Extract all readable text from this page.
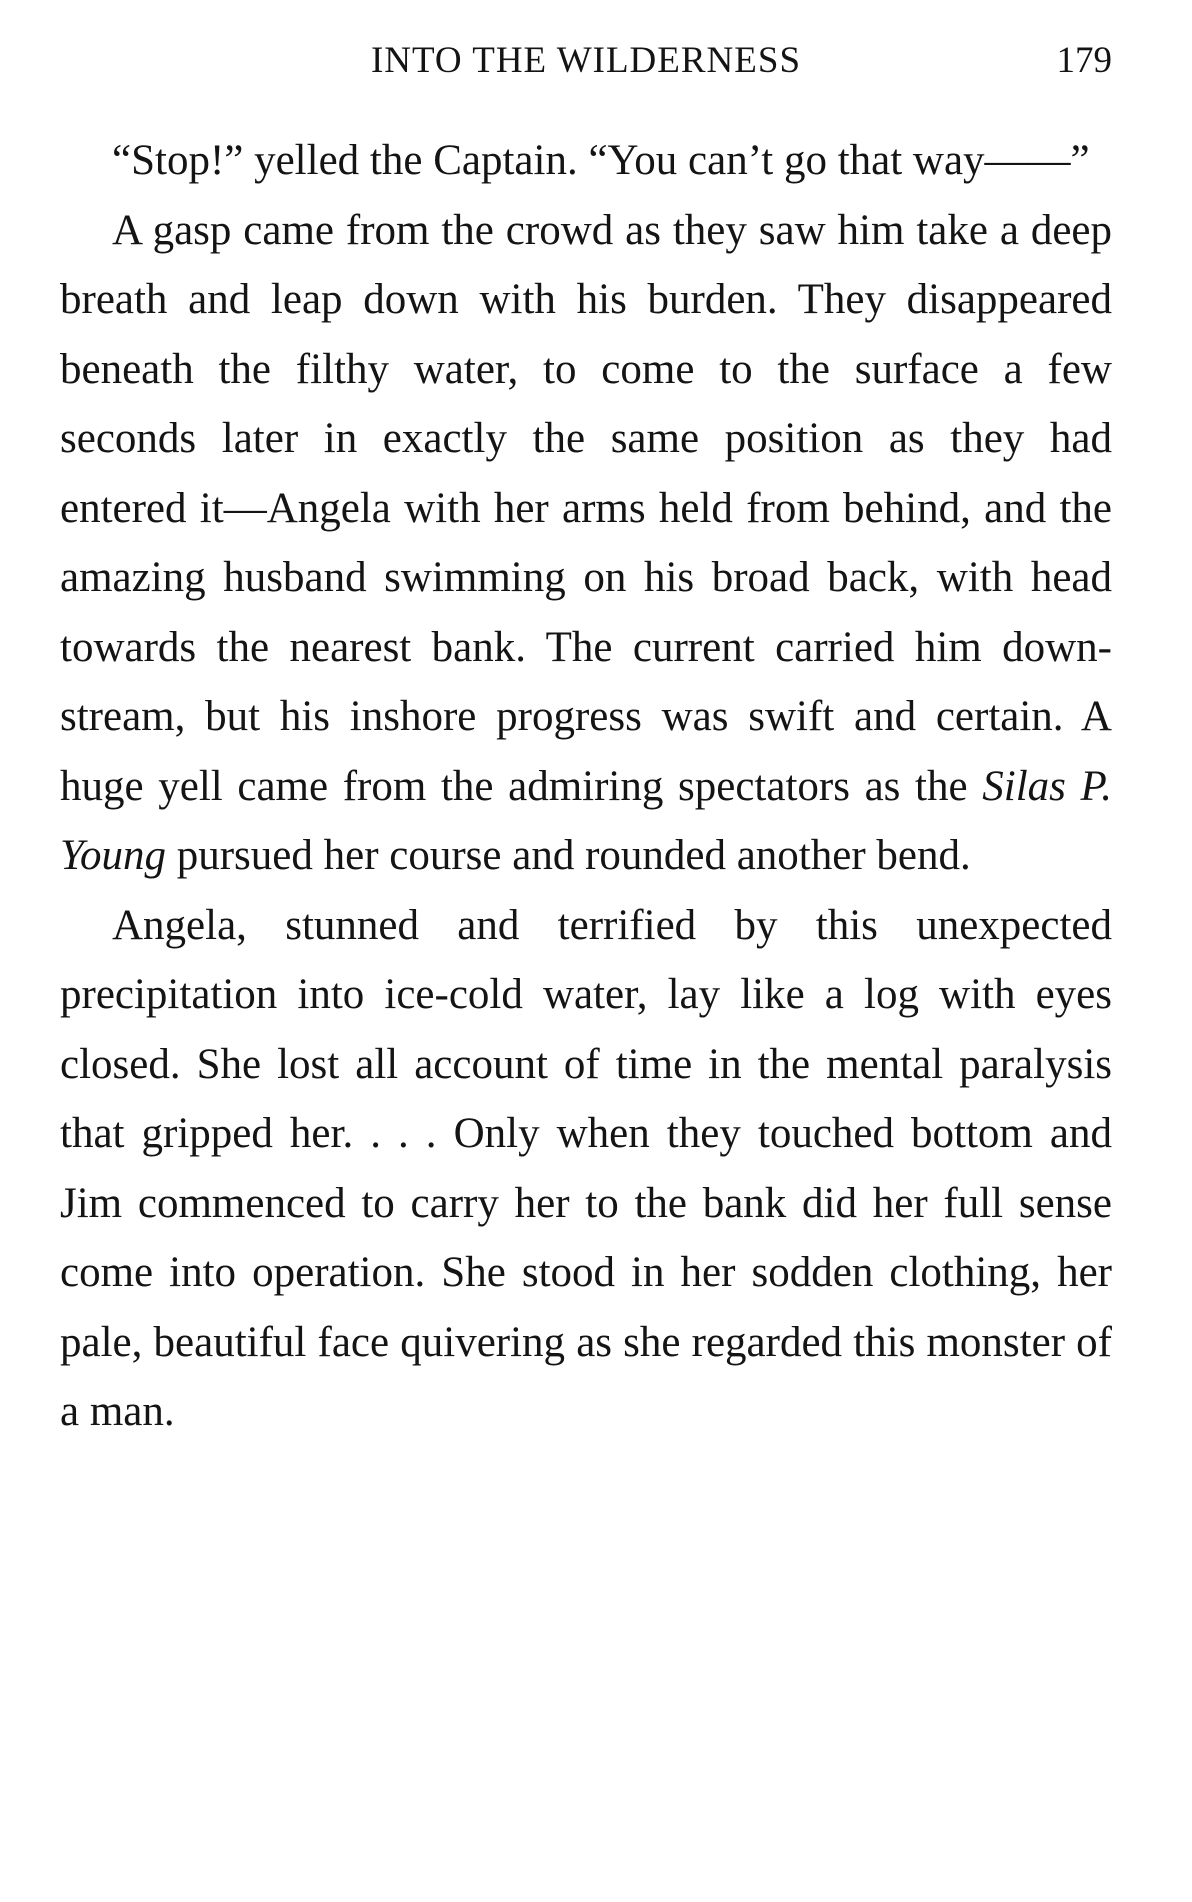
INTO THE WILDERNESS	179

“Stop!” yelled the Captain. “You can’t go that way——”

A gasp came from the crowd as they saw him take a deep breath and leap down with his burden. They disappeared beneath the filthy water, to come to the surface a few seconds later in exactly the same position as they had entered it—Angela with her arms held from behind, and the amazing husband swimming on his broad back, with head towards the nearest bank. The current carried him down-stream, but his inshore progress was swift and certain. A huge yell came from the admiring spectators as the Silas P. Young pursued her course and rounded another bend.

Angela, stunned and terrified by this unexpected precipitation into ice-cold water, lay like a log with eyes closed. She lost all account of time in the mental paralysis that gripped her. . . . Only when they touched bottom and Jim commenced to carry her to the bank did her full sense come into operation. She stood in her sodden clothing, her pale, beautiful face quivering as she regarded this monster of a man.
